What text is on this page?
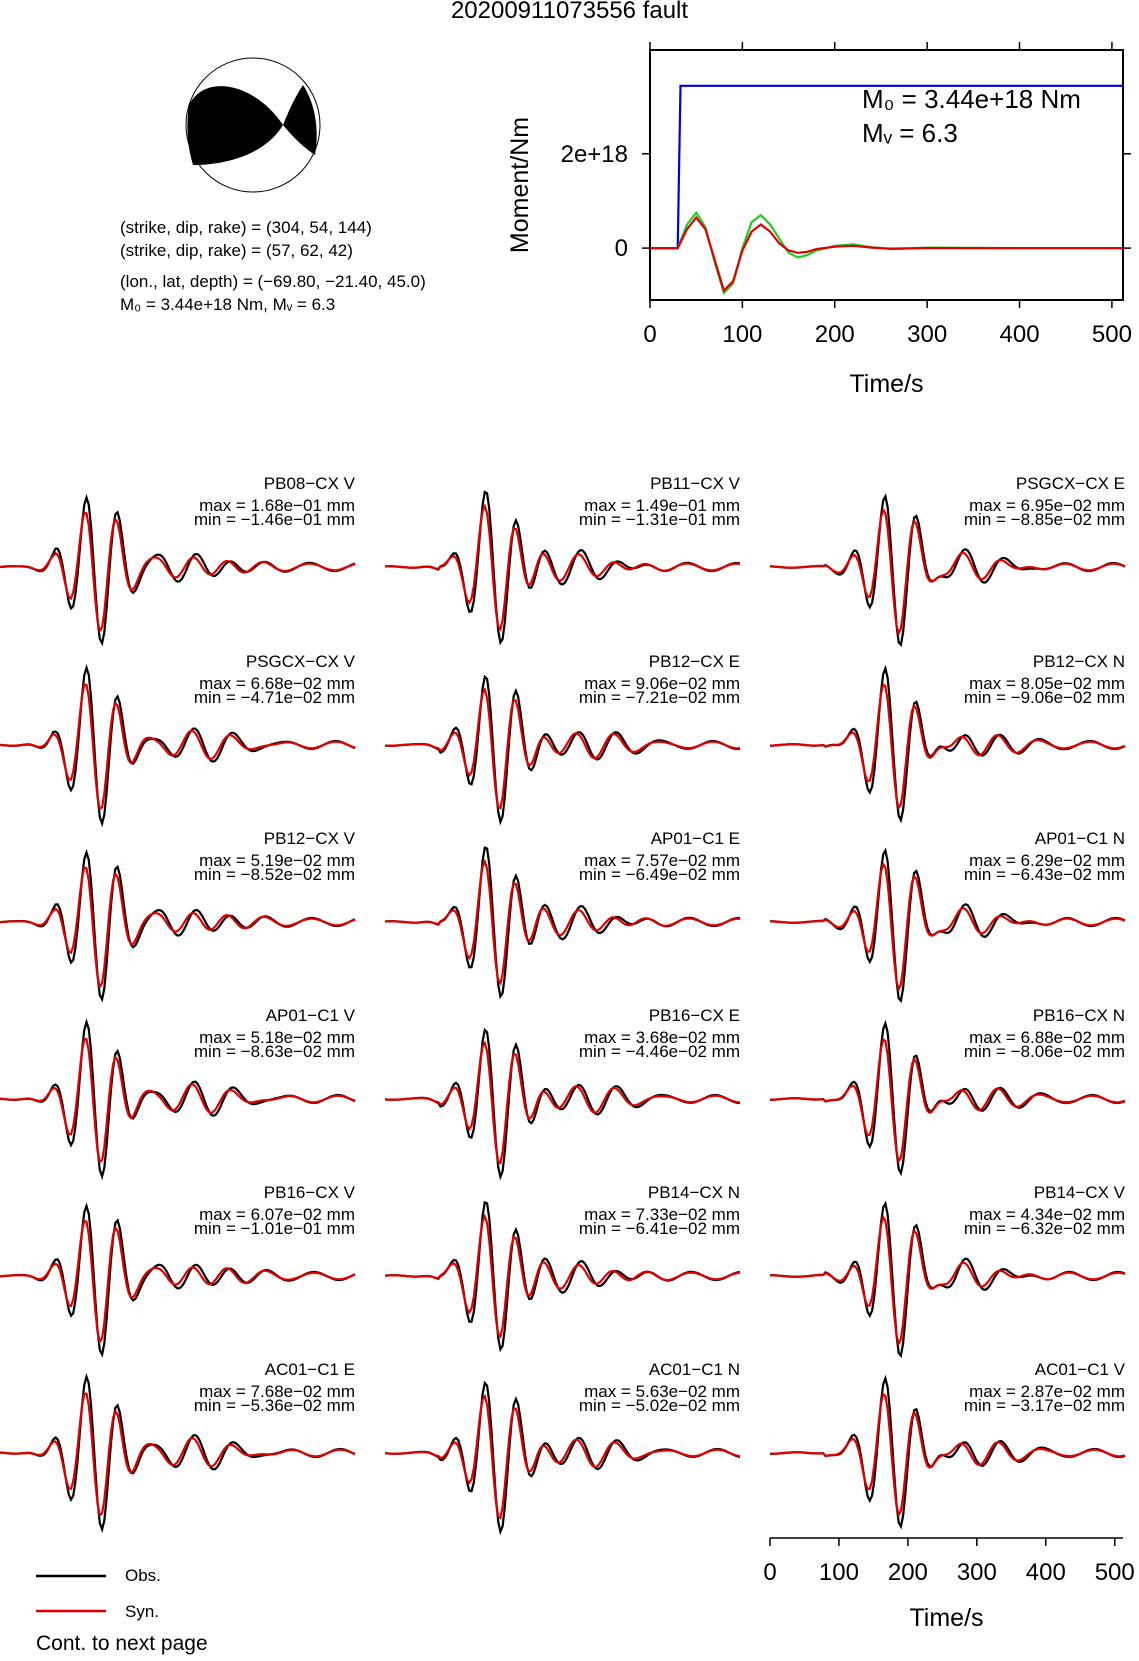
20200911073556 fault
(strike, dip, rake) = (304, 54, 144)
(strike, dip, rake) = (57, 62, 42)
(lon., lat, depth) = (−69.80, −21.40, 45.0)
M₀ = 3.44e+18 Nm, Mᵥ = 6.3
0	100 200 300 400 500
0
2e+18
Time/s
Moment/Nm
M₀ = 3.44e+18 Nm
Mᵥ = 6.3
0 100 200 300 400 500
Time/s
PB08−CX V
max = 1.68e−01 mm
min = −1.46e−01 mm
PB11−CX V
max = 1.49e−01 mm
min = −1.31e−01 mm
PSGCX−CX E
max = 6.95e−02 mm
min = −8.85e−02 mm
PSGCX−CX V
max = 6.68e−02 mm
min = −4.71e−02 mm
PB12−CX E
max = 9.06e−02 mm
min = −7.21e−02 mm
PB12−CX N
max = 8.05e−02 mm
min = −9.06e−02 mm
PB12−CX V
max = 5.19e−02 mm
min = −8.52e−02 mm
AP01−C1 E
max = 7.57e−02 mm
min = −6.49e−02 mm
AP01−C1 N
max = 6.29e−02 mm
min = −6.43e−02 mm
AP01−C1 V
max = 5.18e−02 mm
min = −8.63e−02 mm
PB16−CX E
max = 3.68e−02 mm
min = −4.46e−02 mm
PB16−CX N
max = 6.88e−02 mm
min = −8.06e−02 mm
PB16−CX V
max = 6.07e−02 mm
min = −1.01e−01 mm
PB14−CX N
max = 7.33e−02 mm
min = −6.41e−02 mm
PB14−CX V
max = 4.34e−02 mm
min = −6.32e−02 mm
AC01−C1 E
max = 7.68e−02 mm
min = −5.36e−02 mm
AC01−C1 N
max = 5.63e−02 mm
min = −5.02e−02 mm
AC01−C1 V
max = 2.87e−02 mm
min = −3.17e−02 mm
Obs.
Syn.
Cont. to next page
